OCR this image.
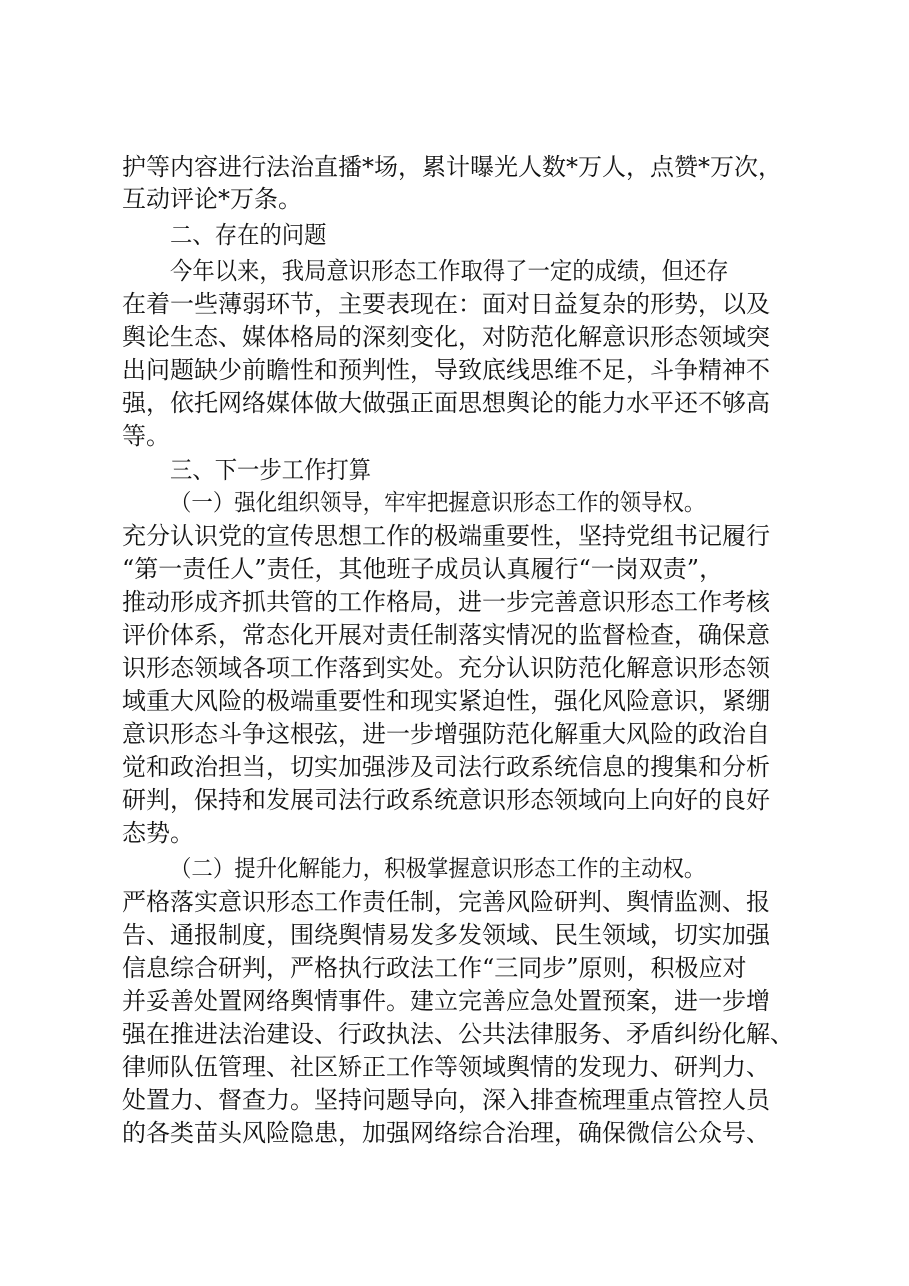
护等内容进行法治直播*场，累计曝光人数*万人，点赞*万次，
互动评论*万条。
二、存在的问题
今年以来，我局意识形态工作取得了一定的成绩，但还存
在着一些薄弱环节，主要表现在：面对日益复杂的形势，以及
舆论生态、媒体格局的深刻变化，对防范化解意识形态领域突
出问题缺少前瞻性和预判性，导致底线思维不足，斗争精神不
强，依托网络媒体做大做强正面思想舆论的能力水平还不够高
等。
三、下一步工作打算
（一）强化组织领导，牢牢把握意识形态工作的领导权。
充分认识党的宣传思想工作的极端重要性，坚持党组书记履行
“第一责任人”责任，其他班子成员认真履行“一岗双责”，
推动形成齐抓共管的工作格局，进一步完善意识形态工作考核
评价体系，常态化开展对责任制落实情况的监督检查，确保意
识形态领域各项工作落到实处。充分认识防范化解意识形态领
域重大风险的极端重要性和现实紧迫性，强化风险意识，紧绷
意识形态斗争这根弦，进一步增强防范化解重大风险的政治自
觉和政治担当，切实加强涉及司法行政系统信息的搜集和分析
研判，保持和发展司法行政系统意识形态领域向上向好的良好
态势。
（二）提升化解能力，积极掌握意识形态工作的主动权。
严格落实意识形态工作责任制，完善风险研判、舆情监测、报
告、通报制度，围绕舆情易发多发领域、民生领域，切实加强
信息综合研判，严格执行政法工作“三同步”原则，积极应对
并妥善处置网络舆情事件。建立完善应急处置预案，进一步增
强在推进法治建设、行政执法、公共法律服务、矛盾纠纷化解、
律师队伍管理、社区矫正工作等领域舆情的发现力、研判力、
处置力、督查力。坚持问题导向，深入排查梳理重点管控人员
的各类苗头风险隐患，加强网络综合治理，确保微信公众号、
